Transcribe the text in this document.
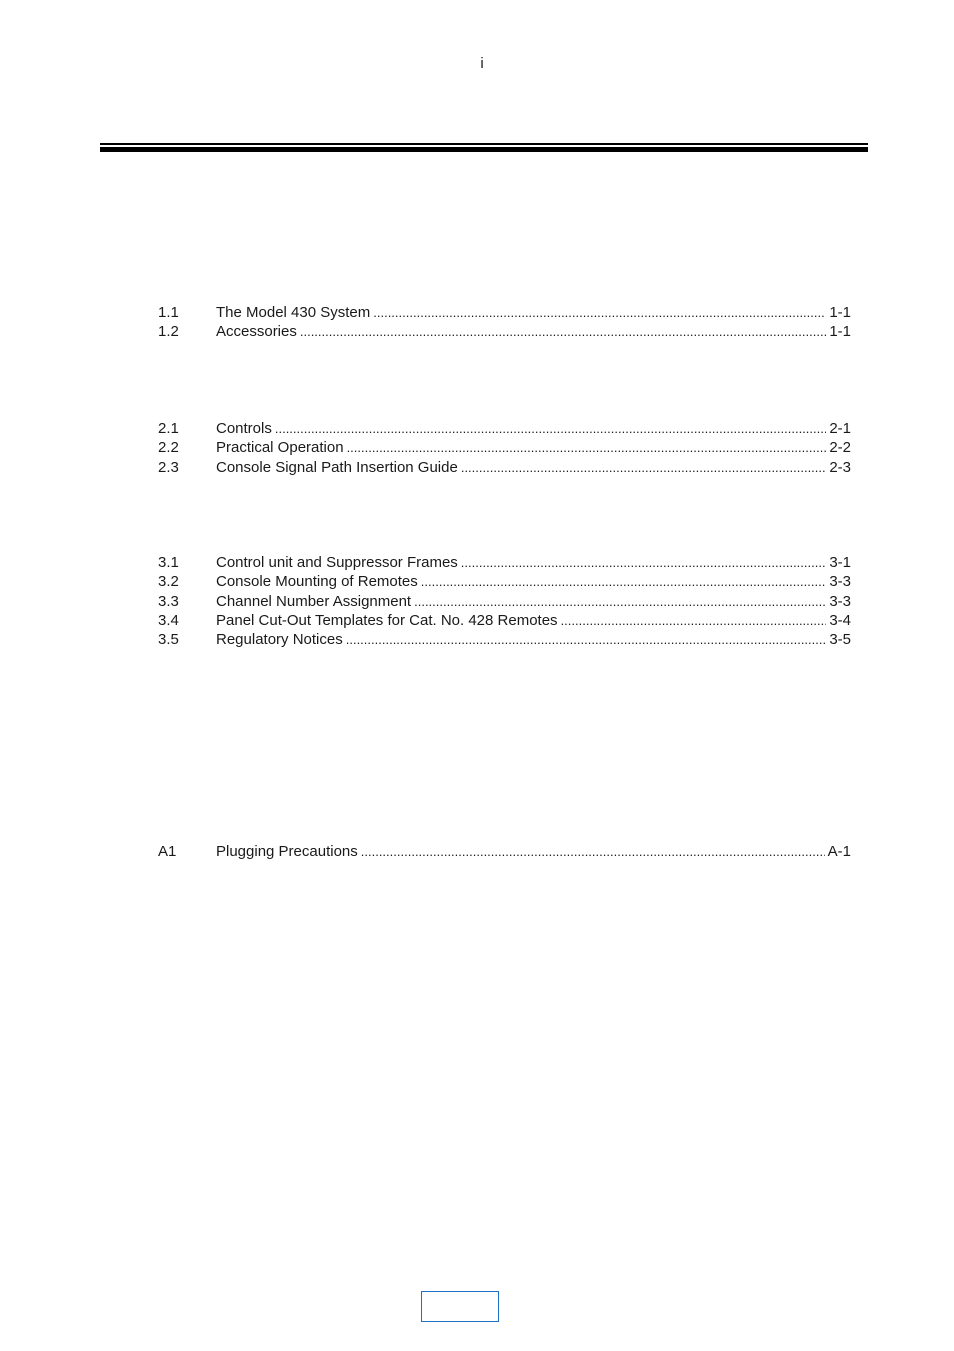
i
1.1	The Model 430 System .....	1-1
1.2	Accessories .....	1-1
2.1	Controls .....	2-1
2.2	Practical Operation .....	2-2
2.3	Console Signal Path Insertion Guide .....	2-3
3.1	Control unit and Suppressor Frames .....	3-1
3.2	Console Mounting of Remotes .....	3-3
3.3	Channel Number Assignment .....	3-3
3.4	Panel Cut-Out Templates for Cat. No. 428 Remotes .....	3-4
3.5	Regulatory Notices .....	3-5
A1	Plugging Precautions .....	A-1
